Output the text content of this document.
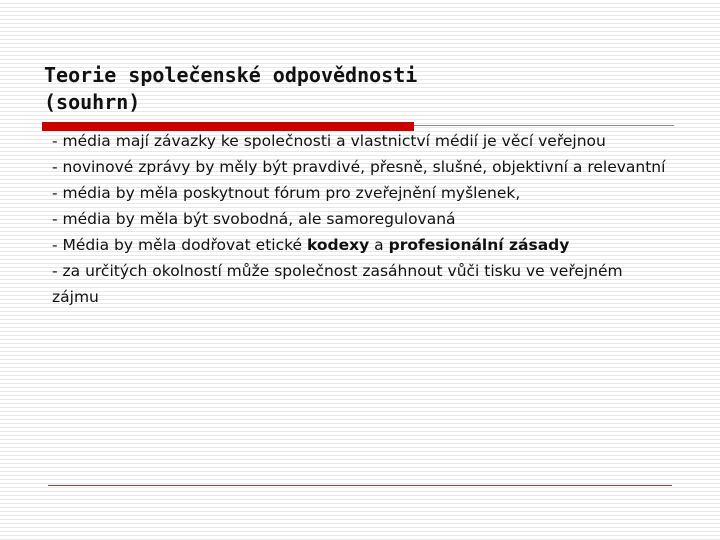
Teorie společenské odpovědnosti
(souhrn)
- média mají závazky ke společnosti a vlastnictví médií je věcí veřejnou
- novinové zprávy by měly být pravdivé, přesně, slušné, objektivní a relevantní
- média by měla poskytnout fórum pro zveřejnění myšlenek,
- média by měla být svobodná, ale samoregulovaná
- Média by měla dodřovat etické kodexy a profesionální zásady
- za určitých okolností může společnost zasáhnout vůči tisku ve veřejném zájmu
